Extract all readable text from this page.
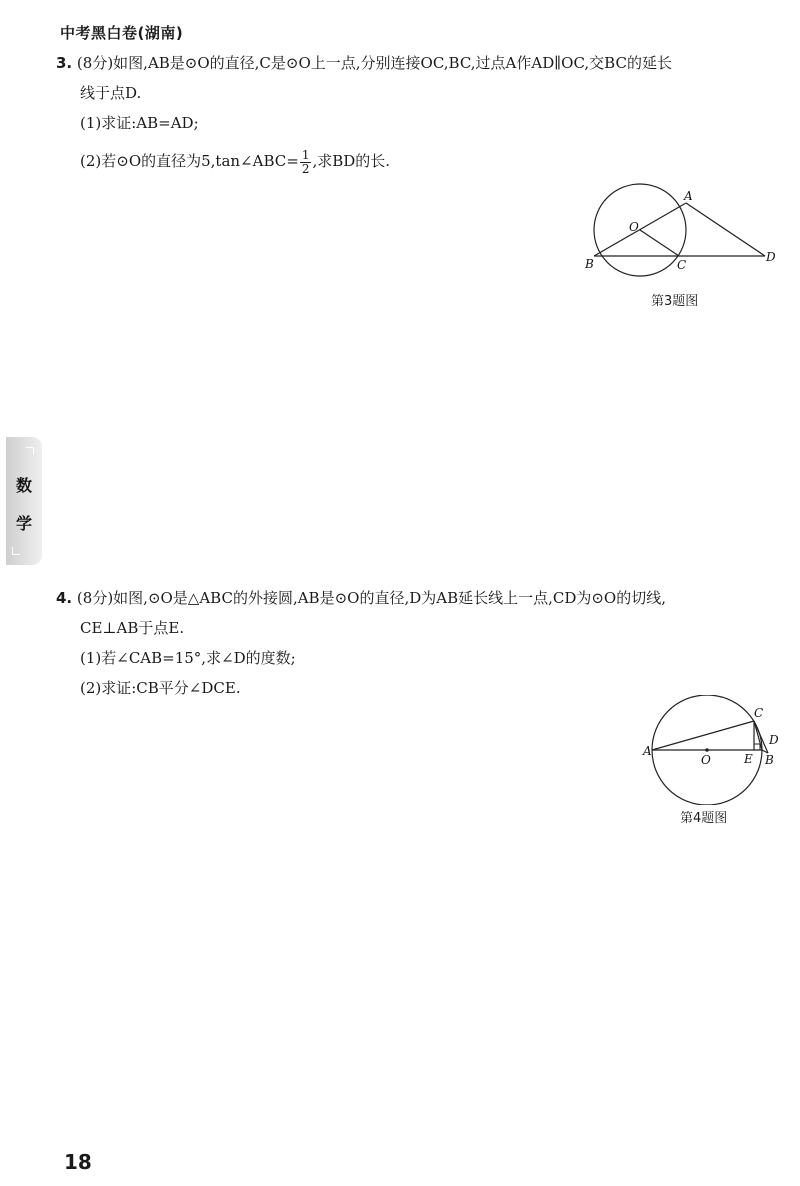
中考黑白卷(湖南)
3. (8分)如图,AB是⊙O的直径,C是⊙O上一点,分别连接OC,BC,过点A作AD∥OC,交BC的延长
线于点D.
(1)求证:AB=AD;
(2)若⊙O的直径为5,tan∠ABC= $\frac{1}{2}$ ,求BD的长.
A
O
B	C
D
第3题图
数
学
4. (8分)如图,⊙O是△ABC的外接圆,AB是⊙O的直径,D为AB延长线上一点,CD为⊙O的切线,
CE⊥AB于点E.
(1)若∠CAB=15°,求∠D的度数;
(2)求证:CB平分∠DCE.
A
O
C
D
E B
第4题图
18
